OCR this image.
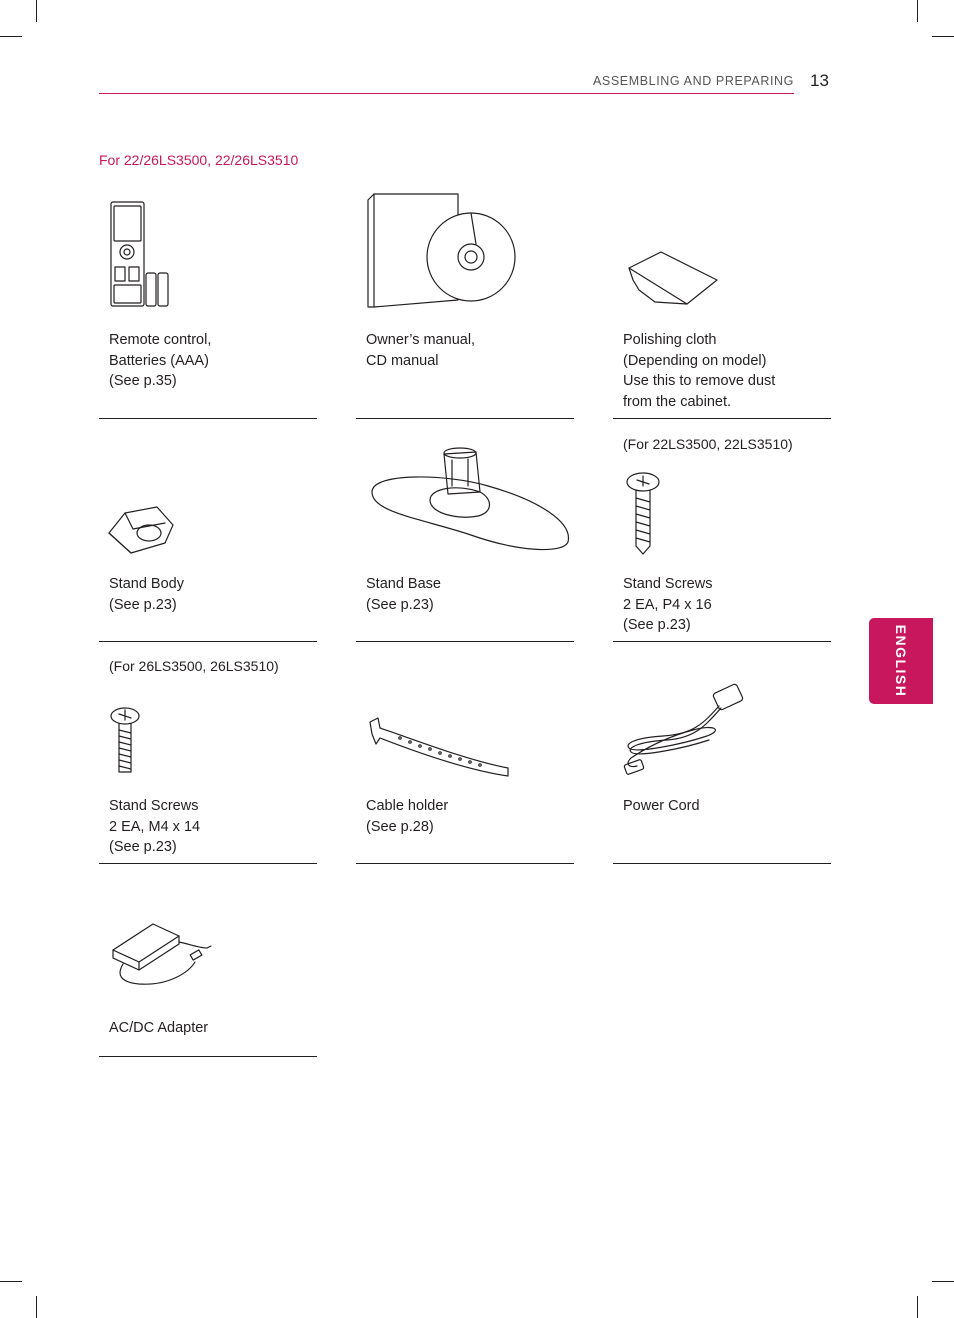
ASSEMBLING AND PREPARING 13
For 22/26LS3500, 22/26LS3510
ENGLISH
Remote control,
Batteries (AAA)
(See p.35)
Owner’s manual,
CD manual
Polishing cloth
(Depending on model)
Use this to remove dust
from the cabinet.
Stand Body
(See p.23)
Stand Base
(See p.23)
(For 22LS3500, 22LS3510)
Stand Screws
2 EA, P4 x 16
(See p.23)
(For 26LS3500, 26LS3510)
Stand Screws
2 EA, M4 x 14
(See p.23)
Cable holder
(See p.28)
Power Cord
AC/DC Adapter
